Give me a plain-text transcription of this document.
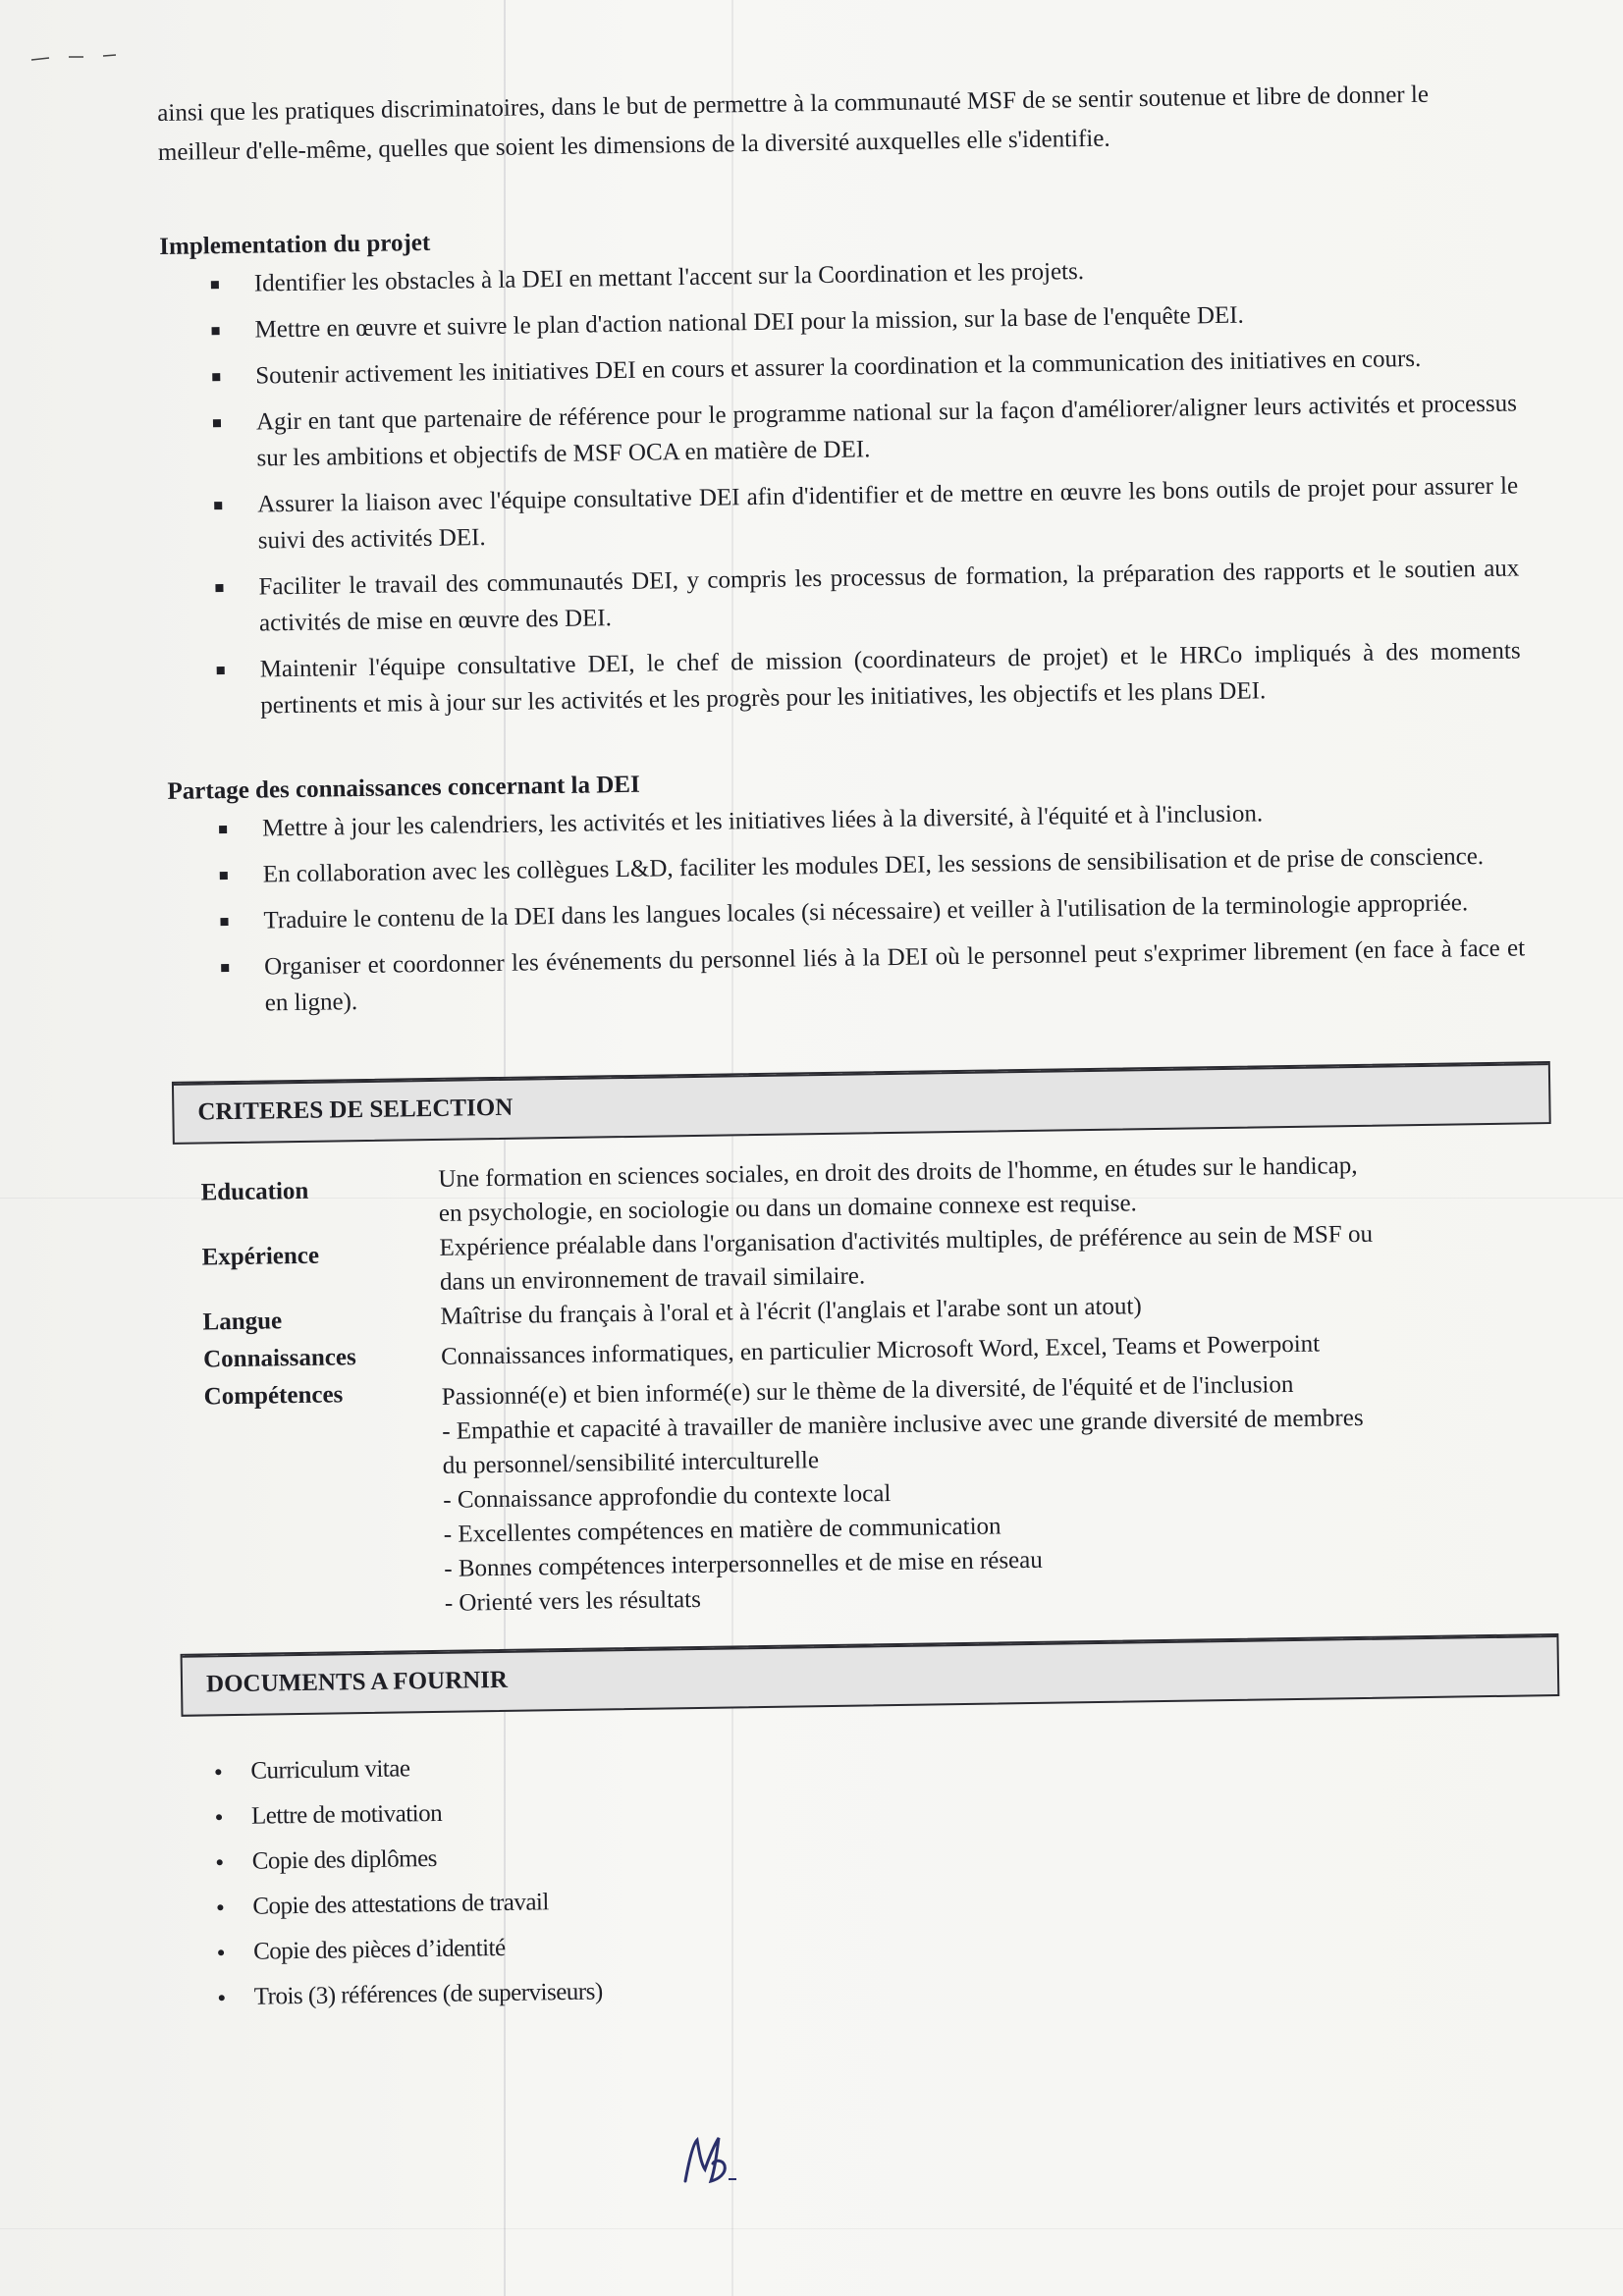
ainsi que les pratiques discriminatoires, dans le but de permettre à la communauté MSF de se sentir soutenue et libre de donner le meilleur d'elle-même, quelles que soient les dimensions de la diversité auxquelles elle s'identifie.

Implementation du projet
Identifier les obstacles à la DEI en mettant l'accent sur la Coordination et les projets.
Mettre en œuvre et suivre le plan d'action national DEI pour la mission, sur la base de l'enquête DEI.
Soutenir activement les initiatives DEI en cours et assurer la coordination et la communication des initiatives en cours.
Agir en tant que partenaire de référence pour le programme national sur la façon d'améliorer/aligner leurs activités et processus sur les ambitions et objectifs de MSF OCA en matière de DEI.
Assurer la liaison avec l'équipe consultative DEI afin d'identifier et de mettre en œuvre les bons outils de projet pour assurer le suivi des activités DEI.
Faciliter le travail des communautés DEI, y compris les processus de formation, la préparation des rapports et le soutien aux activités de mise en œuvre des DEI.
Maintenir l'équipe consultative DEI, le chef de mission (coordinateurs de projet) et le HRCo impliqués à des moments pertinents et mis à jour sur les activités et les progrès pour les initiatives, les objectifs et les plans DEI.
Partage des connaissances concernant la DEI
Mettre à jour les calendriers, les activités et les initiatives liées à la diversité, à l'équité et à l'inclusion.
En collaboration avec les collègues L&D, faciliter les modules DEI, les sessions de sensibilisation et de prise de conscience.
Traduire le contenu de la DEI dans les langues locales (si nécessaire) et veiller à l'utilisation de la terminologie appropriée.
Organiser et coordonner les événements du personnel liés à la DEI où le personnel peut s'exprimer librement (en face à face et en ligne).
CRITERES DE SELECTION
Education
Expérience
Langue
Connaissances
Compétences
Une formation en sciences sociales, en droit des droits de l'homme, en études sur le handicap,
en psychologie, en sociologie ou dans un domaine connexe est requise.
Expérience préalable dans l'organisation d'activités multiples, de préférence au sein de MSF ou
dans un environnement de travail similaire.
Maîtrise du français à l'oral et à l'écrit (l'anglais et l'arabe sont un atout)
Connaissances informatiques, en particulier Microsoft Word, Excel, Teams et Powerpoint
Passionné(e) et bien informé(e) sur le thème de la diversité, de l'équité et de l'inclusion
- Empathie et capacité à travailler de manière inclusive avec une grande diversité de membres
du personnel/sensibilité interculturelle
- Connaissance approfondie du contexte local
- Excellentes compétences en matière de communication
- Bonnes compétences interpersonnelles et de mise en réseau
- Orienté vers les résultats
DOCUMENTS A FOURNIR
Curriculum vitae
Lettre de motivation
Copie des diplômes
Copie des attestations de travail
Copie des pièces d’identité
Trois (3) références (de superviseurs)
